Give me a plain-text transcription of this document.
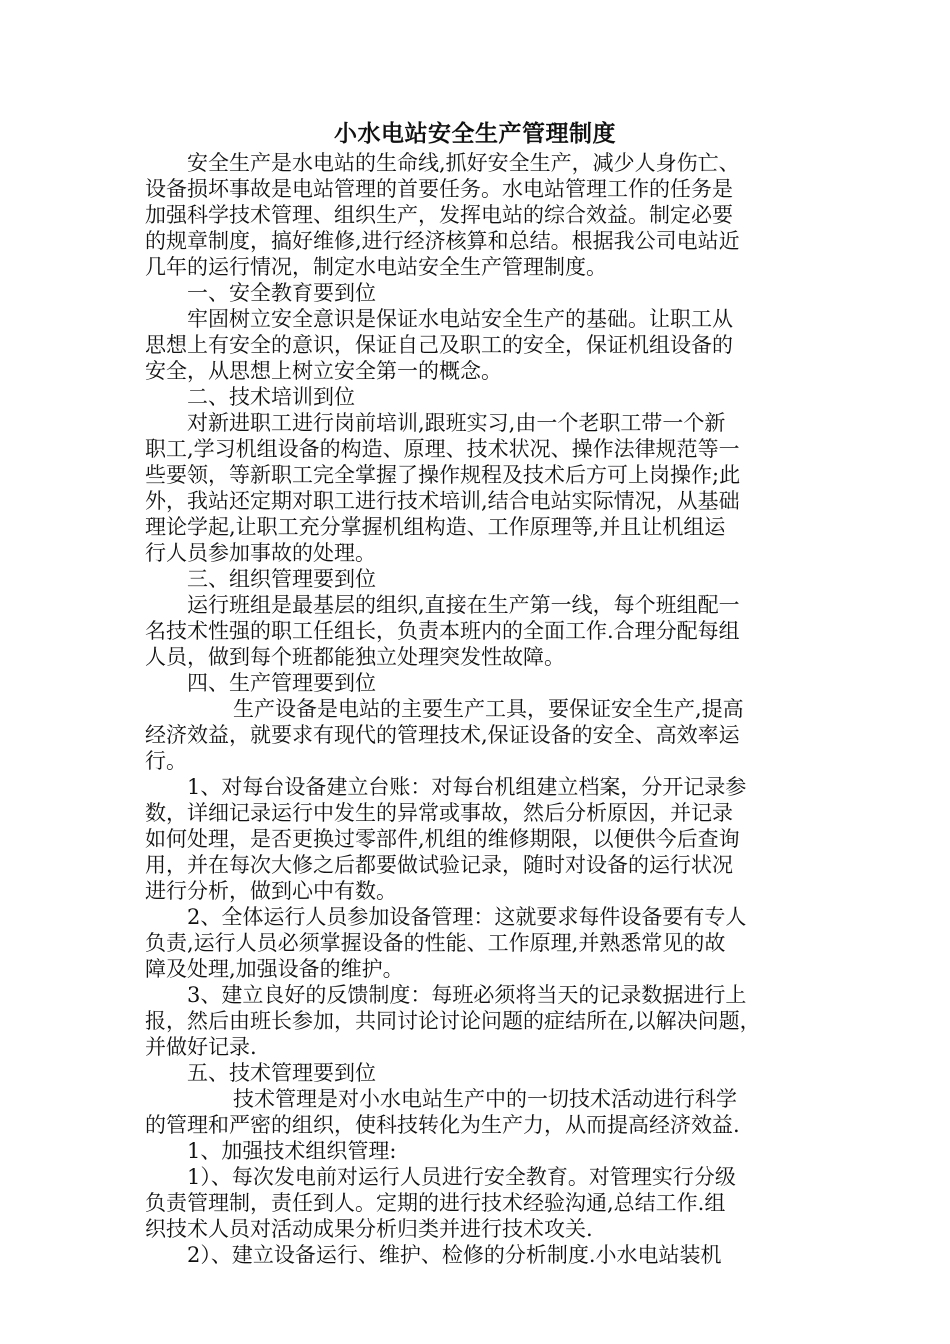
小水电站安全生产管理制度

安全生产是水电站的生命线,抓好安全生产，减少人身伤亡、

设备损坏事故是电站管理的首要任务。水电站管理工作的任务是

加强科学技术管理、组织生产，发挥电站的综合效益。制定必要

的规章制度，搞好维修,进行经济核算和总结。根据我公司电站近

几年的运行情况，制定水电站安全生产管理制度。

一、安全教育要到位

牢固树立安全意识是保证水电站安全生产的基础。让职工从

思想上有安全的意识，保证自己及职工的安全，保证机组设备的

安全，从思想上树立安全第一的概念。

二、技术培训到位

对新进职工进行岗前培训,跟班实习,由一个老职工带一个新

职工,学习机组设备的构造、原理、技术状况、操作法律规范等一

些要领，等新职工完全掌握了操作规程及技术后方可上岗操作;此

外，我站还定期对职工进行技术培训,结合电站实际情况，从基础

理论学起,让职工充分掌握机组构造、工作原理等,并且让机组运

行人员参加事故的处理。

三、组织管理要到位

运行班组是最基层的组织,直接在生产第一线，每个班组配一

名技术性强的职工任组长，负责本班内的全面工作.合理分配每组

人员，做到每个班都能独立处理突发性故障。

四、生产管理要到位

生产设备是电站的主要生产工具，要保证安全生产,提高

经济效益，就要求有现代的管理技术,保证设备的安全、高效率运

行。

1、对每台设备建立台账：对每台机组建立档案，分开记录参

数，详细记录运行中发生的异常或事故，然后分析原因，并记录

如何处理，是否更换过零部件,机组的维修期限，以便供今后查询

用，并在每次大修之后都要做试验记录，随时对设备的运行状况

进行分析，做到心中有数。

2、全体运行人员参加设备管理：这就要求每件设备要有专人

负责,运行人员必须掌握设备的性能、工作原理,并熟悉常见的故

障及处理,加强设备的维护。

3、建立良好的反馈制度：每班必须将当天的记录数据进行上

报，然后由班长参加，共同讨论讨论问题的症结所在,以解决问题，

并做好记录.

五、技术管理要到位

技术管理是对小水电站生产中的一切技术活动进行科学

的管理和严密的组织，使科技转化为生产力，从而提高经济效益.

1、加强技术组织管理:

1）、每次发电前对运行人员进行安全教育。对管理实行分级

负责管理制，责任到人。定期的进行技术经验沟通,总结工作.组

织技术人员对活动成果分析归类并进行技术攻关.

2）、建立设备运行、维护、检修的分析制度.小水电站装机
